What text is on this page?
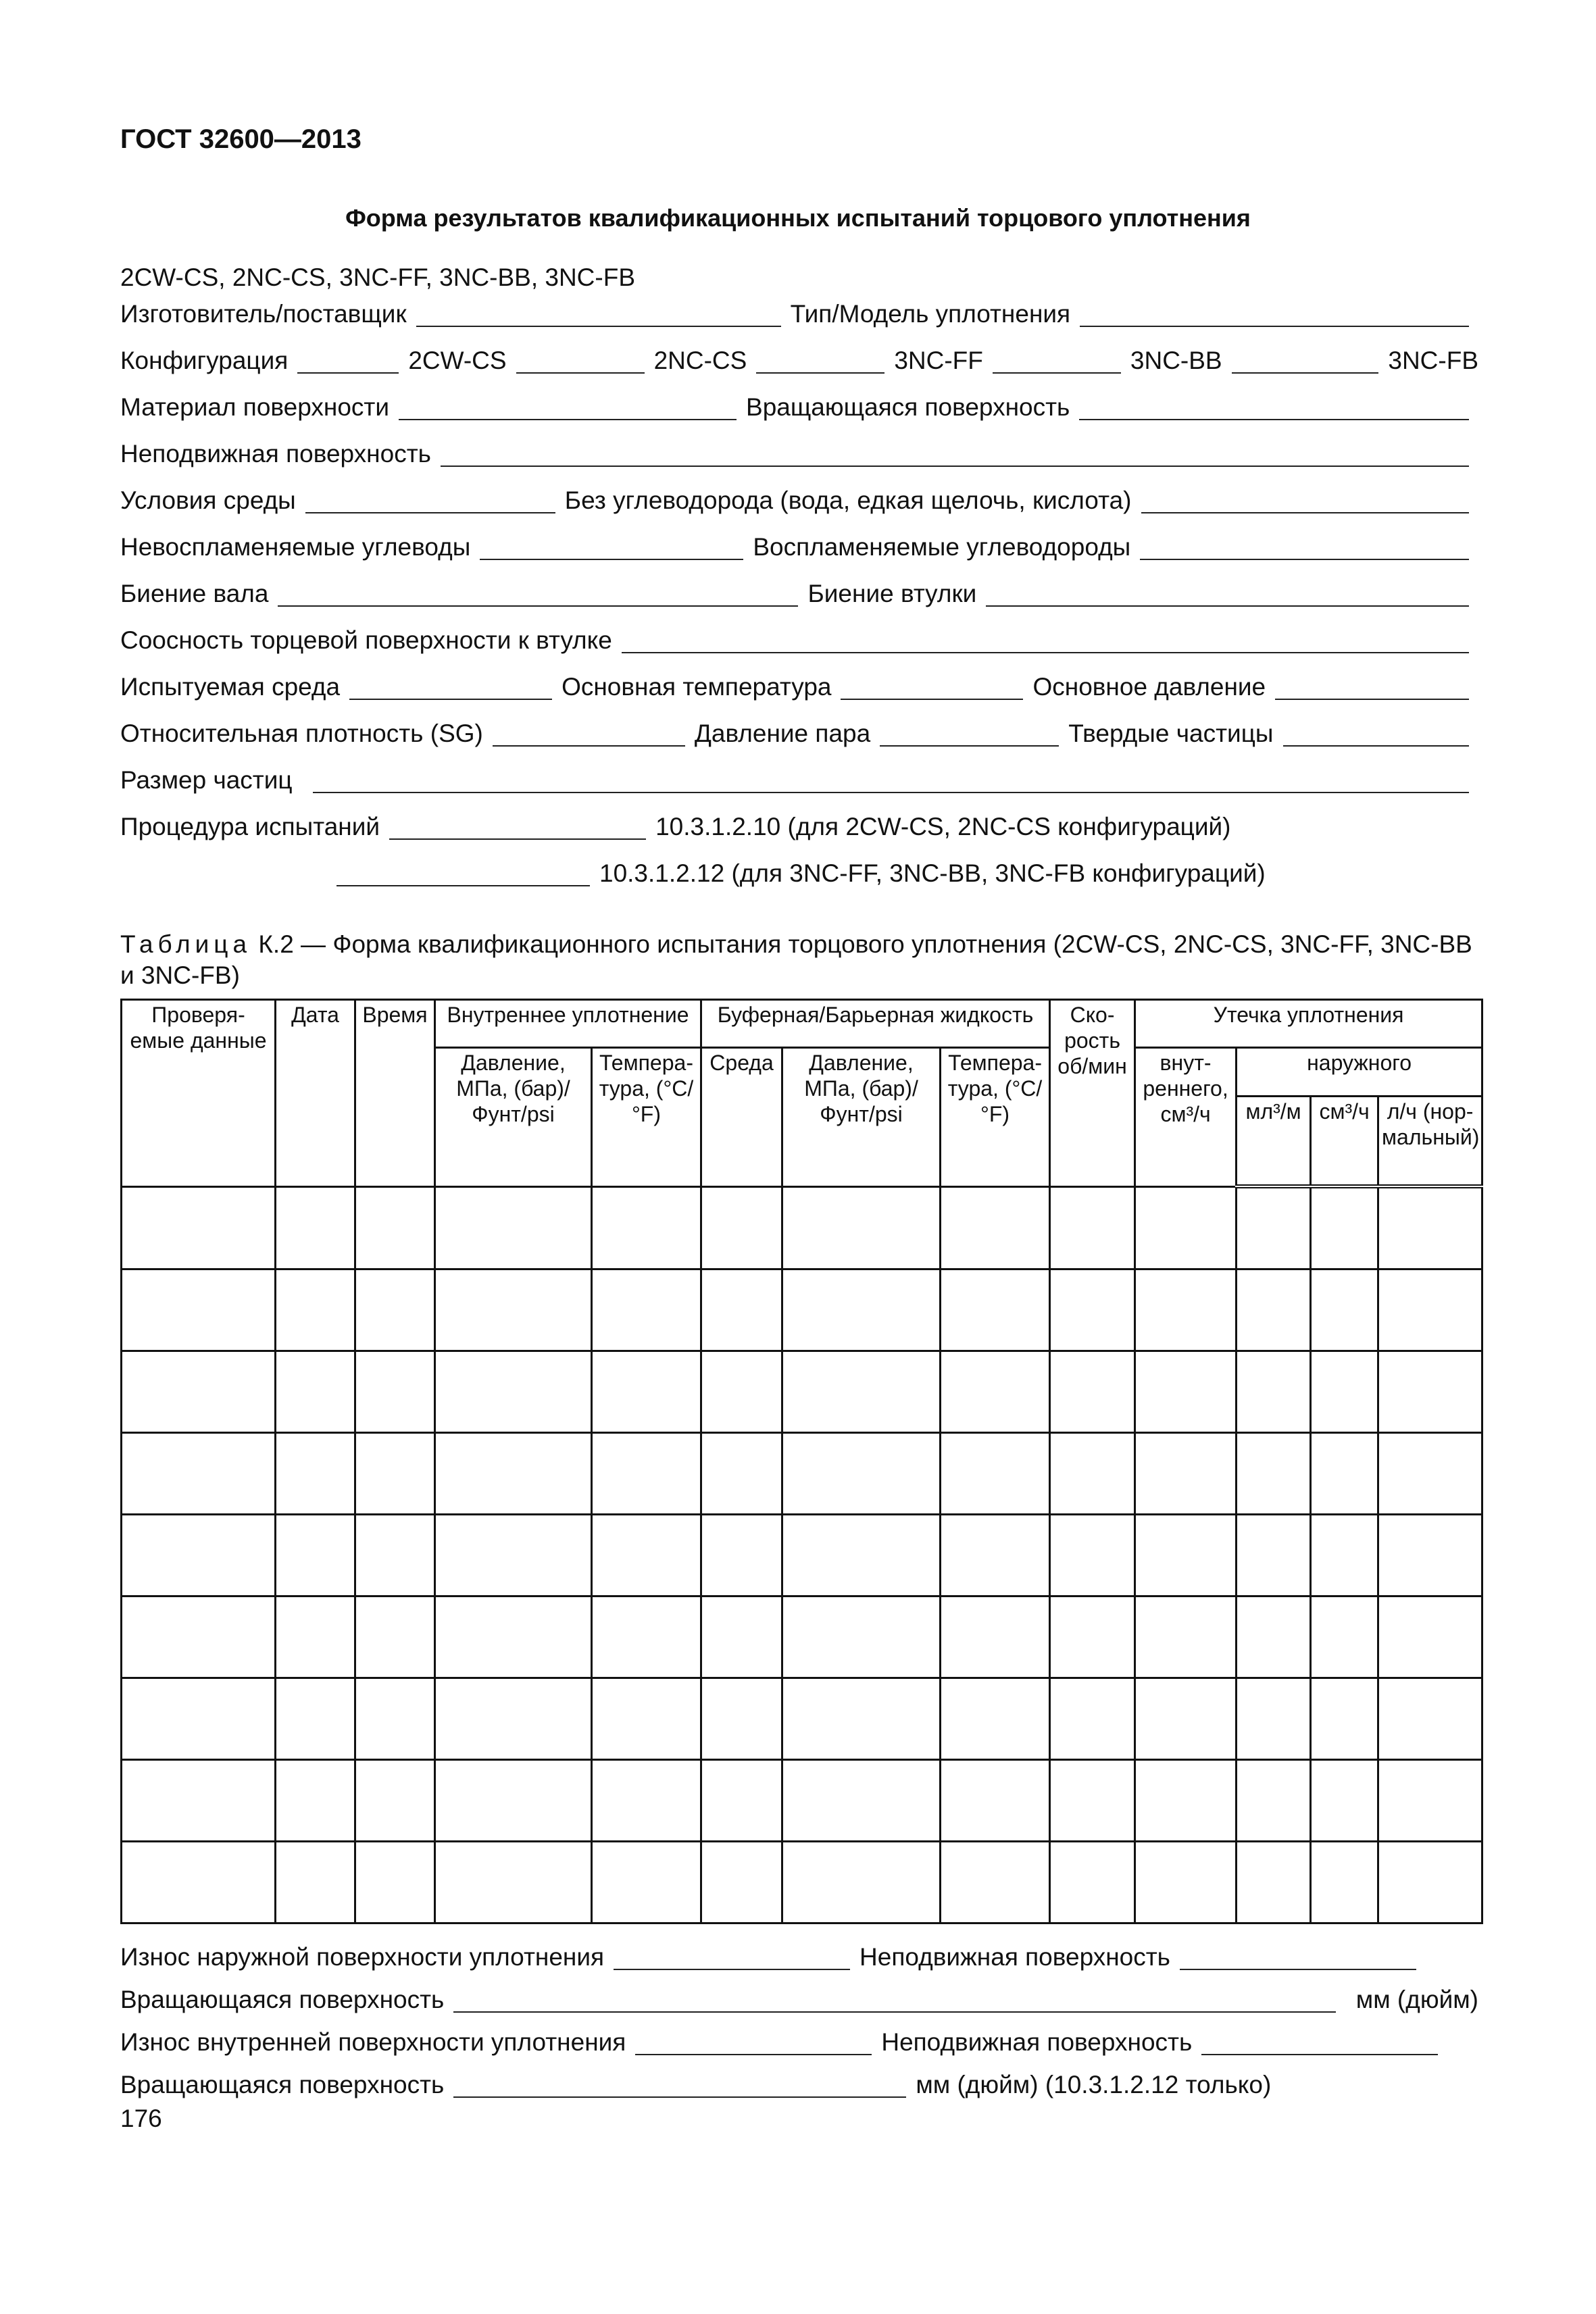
ГОСТ 32600—2013
Форма результатов квалификационных испытаний торцового уплотнения
2CW-CS, 2NC-CS, 3NC-FF, 3NC-BB, 3NC-FB
Изготовитель/поставщик	Тип/Модель уплотнения
Конфигурация	2CW-CS	2NC-CS	3NC-FF	3NC-BB	3NC-FB
Материал поверхности	Вращающаяся поверхность
Неподвижная поверхность
Условия среды	Без углеводорода (вода, едкая щелочь, кислота)
Невоспламеняемые углеводы	Воспламеняемые углеводороды
Биение вала	Биение втулки
Соосность торцевой поверхности к втулке
Испытуемая среда	Основная температура	Основное давление
Относительная плотность (SG)	Давление пара	Твердые частицы
Размер частиц
Процедура испытаний	10.3.1.2.10 (для 2CW-CS, 2NC-CS конфигураций)
10.3.1.2.12 (для 3NC-FF, 3NC-BB, 3NC-FB конфигураций)
Таблица К.2 — Форма квалификационного испытания торцового уплотнения (2CW-CS, 2NC-CS, 3NC-FF, 3NC-BB и 3NC-FB)
Проверя-емые данные	Дата	Время	Внутреннее уплотнение		Буферная/Барьерная жидкость			Ско-рость об/мин	Утечка уплотнения			
			Давление, МПа, (бар)/Фунт/psi	Темпера-тура, (°C/°F)	Среда	Давление, МПа, (бар)/Фунт/psi	Темпера-тура, (°C/°F)		внут-реннего, см³/ч	наружного		
										мл³/м	см³/ч	л/ч (нор-мальный)

Износ наружной поверхности уплотнения	Неподвижная поверхность
Вращающаяся поверхность	мм (дюйм)
Износ внутренней поверхности уплотнения	Неподвижная поверхность
Вращающаяся поверхность	мм (дюйм) (10.3.1.2.12 только)
176
